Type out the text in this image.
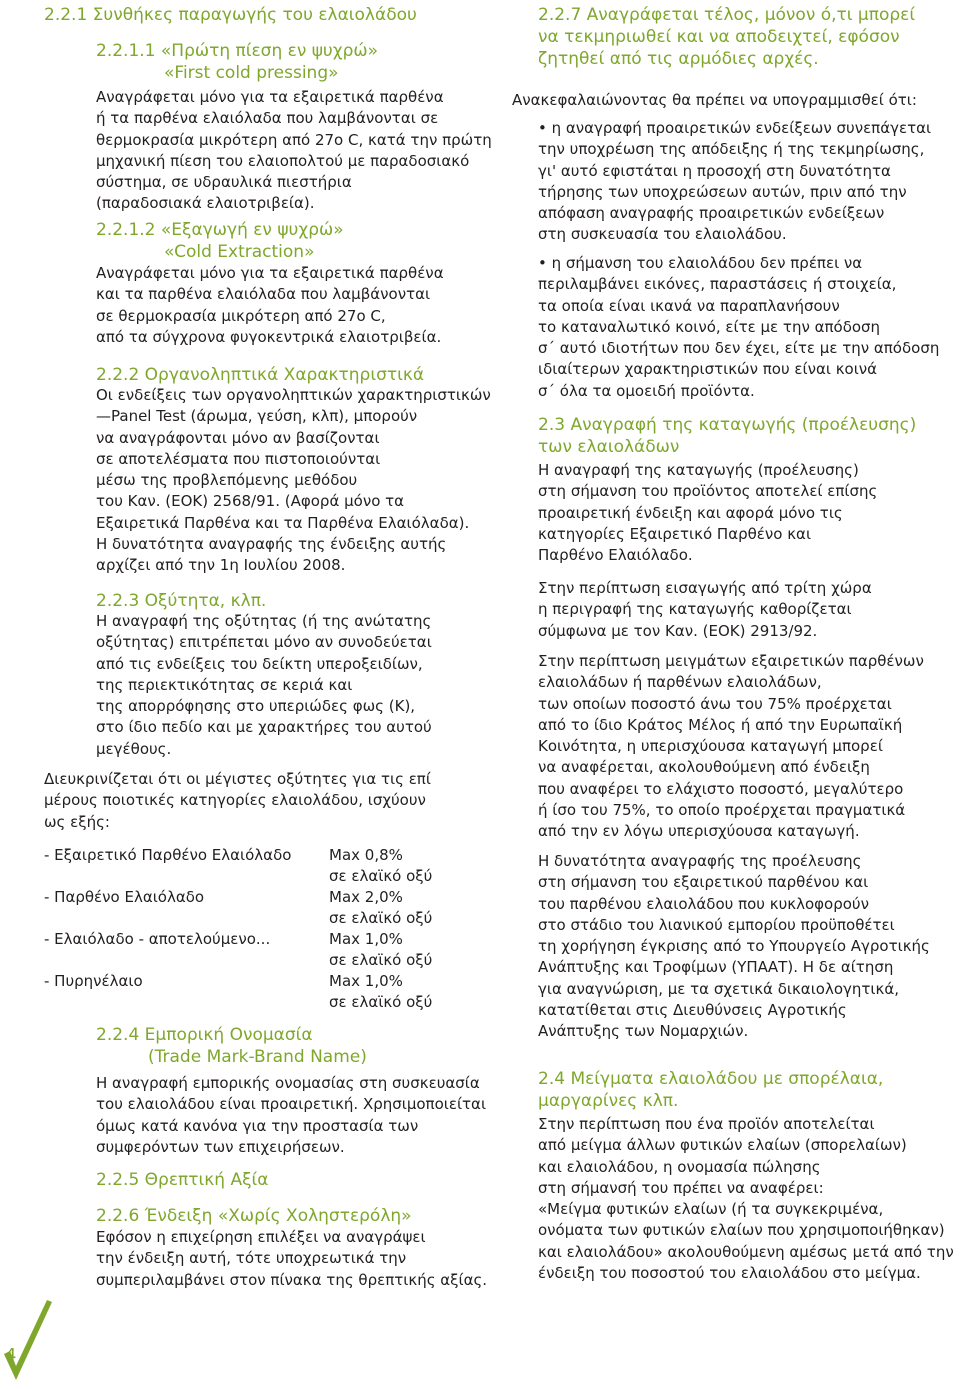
2.2.1 Συνθήκες παραγωγής του ελαιολάδου
2.2.1.1 «Πρώτη πίεση εν ψυχρώ»
«First cold pressing»
Αναγράφεται μόνο για τα εξαιρετικά παρθένα
ή τα παρθένα ελαιόλαδα που λαμβάνονται σε
θερμοκρασία μικρότερη από 27ο C, κατά την πρώτη
μηχανική πίεση του ελαιοπολτού με παραδοσιακό
σύστημα, σε υδραυλικά πιεστήρια
(παραδοσιακά ελαιοτριβεία).
2.2.1.2 «Εξαγωγή εν ψυχρώ»
«Cold Extraction»
Αναγράφεται μόνο για τα εξαιρετικά παρθένα
και τα παρθένα ελαιόλαδα που λαμβάνονται
σε θερμοκρασία μικρότερη από 27ο C,
από τα σύγχρονα φυγοκεντρικά ελαιοτριβεία.
2.2.2 Οργανοληπτικά Χαρακτηριστικά
Οι ενδείξεις των οργανοληπτικών χαρακτηριστικών
—Panel Test (άρωμα, γεύση, κλπ), μπορούν
να αναγράφονται μόνο αν βασίζονται
σε αποτελέσματα που πιστοποιούνται
μέσω της προβλεπόμενης μεθόδου
του Καν. (ΕΟΚ) 2568/91. (Αφορά μόνο τα
Εξαιρετικά Παρθένα και τα Παρθένα Ελαιόλαδα).
Η δυνατότητα αναγραφής της ένδειξης αυτής
αρχίζει από την 1η Ιουλίου 2008.
2.2.3 Οξύτητα, κλπ.
Η αναγραφή της οξύτητας (ή της ανώτατης
οξύτητας) επιτρέπεται μόνο αν συνοδεύεται
από τις ενδείξεις του δείκτη υπεροξειδίων,
της περιεκτικότητας σε κεριά και
της απορρόφησης στο υπεριώδες φως (Κ),
στο ίδιο πεδίο και με χαρακτήρες του αυτού
μεγέθους.
Διευκρινίζεται ότι οι μέγιστες οξύτητες για τις επί
μέρους ποιοτικές κατηγορίες ελαιολάδου, ισχύουν
ως εξής:
- Εξαιρετικό Παρθένο Ελαιόλαδο	Max 0,8%
σε ελαϊκό οξύ
- Παρθένο Ελαιόλαδο	Max 2,0%
σε ελαϊκό οξύ
- Ελαιόλαδο - αποτελούμενο...	Max 1,0%
σε ελαϊκό οξύ
- Πυρηνέλαιο	Max 1,0%
σε ελαϊκό οξύ
2.2.4 Εμπορική Ονομασία
(Trade Mark-Brand Name)
Η αναγραφή εμπορικής ονομασίας στη συσκευασία
του ελαιολάδου είναι προαιρετική. Χρησιμοποιείται
όμως κατά κανόνα για την προστασία των
συμφερόντων των επιχειρήσεων.
2.2.5 Θρεπτική Αξία
2.2.6 Ένδειξη «Χωρίς Χοληστερόλη»
Εφόσον η επιχείρηση επιλέξει να αναγράψει
την ένδειξη αυτή, τότε υποχρεωτικά την
συμπεριλαμβάνει στον πίνακα της θρεπτικής αξίας.
2.2.7 Αναγράφεται τέλος, μόνον ό,τι μπορεί
να τεκμηριωθεί και να αποδειχτεί, εφόσον
ζητηθεί από τις αρμόδιες αρχές.
Ανακεφαλαιώνοντας θα πρέπει να υπογραμμισθεί ότι:
• η αναγραφή προαιρετικών ενδείξεων συνεπάγεται
την υποχρέωση της απόδειξης ή της τεκμηρίωσης,
γι' αυτό εφιστάται η προσοχή στη δυνατότητα
τήρησης των υποχρεώσεων αυτών, πριν από την
απόφαση αναγραφής προαιρετικών ενδείξεων
στη συσκευασία του ελαιολάδου.
• η σήμανση του ελαιολάδου δεν πρέπει να
περιλαμβάνει εικόνες, παραστάσεις ή στοιχεία,
τα οποία είναι ικανά να παραπλανήσουν
το καταναλωτικό κοινό, είτε με την απόδοση
σ΄ αυτό ιδιοτήτων που δεν έχει, είτε με την απόδοση
ιδιαίτερων χαρακτηριστικών που είναι κοινά
σ΄ όλα τα ομοειδή προϊόντα.
2.3 Αναγραφή της καταγωγής (προέλευσης)
των ελαιολάδων
Η αναγραφή της καταγωγής (προέλευσης)
στη σήμανση του προϊόντος αποτελεί επίσης
προαιρετική ένδειξη και αφορά μόνο τις
κατηγορίες Εξαιρετικό Παρθένο και
Παρθένο Ελαιόλαδο.
Στην περίπτωση εισαγωγής από τρίτη χώρα
η περιγραφή της καταγωγής καθορίζεται
σύμφωνα με τον Καν. (ΕΟΚ) 2913/92.
Στην περίπτωση μειγμάτων εξαιρετικών παρθένων
ελαιολάδων ή παρθένων ελαιολάδων,
των οποίων ποσοστό άνω του 75% προέρχεται
από το ίδιο Κράτος Μέλος ή από την Ευρωπαϊκή
Κοινότητα, η υπερισχύουσα καταγωγή μπορεί
να αναφέρεται, ακολουθούμενη από ένδειξη
που αναφέρει το ελάχιστο ποσοστό, μεγαλύτερο
ή ίσο του 75%, το οποίο προέρχεται πραγματικά
από την εν λόγω υπερισχύουσα καταγωγή.
Η δυνατότητα αναγραφής της προέλευσης
στη σήμανση του εξαιρετικού παρθένου και
του παρθένου ελαιολάδου που κυκλοφορούν
στο στάδιο του λιανικού εμπορίου προϋποθέτει
τη χορήγηση έγκρισης από το Υπουργείο Αγροτικής
Ανάπτυξης και Τροφίμων (ΥΠΑΑΤ). Η δε αίτηση
για αναγνώριση, με τα σχετικά δικαιολογητικά,
κατατίθεται στις Διευθύνσεις Αγροτικής
Ανάπτυξης των Νομαρχιών.
2.4 Μείγματα ελαιολάδου με σπορέλαια,
μαργαρίνες κλπ.
Στην περίπτωση που ένα προϊόν αποτελείται
από μείγμα άλλων φυτικών ελαίων (σπορελαίων)
και ελαιολάδου, η ονομασία πώλησης
στη σήμανσή του πρέπει να αναφέρει:
«Μείγμα φυτικών ελαίων (ή τα συγκεκριμένα,
ονόματα των φυτικών ελαίων που χρησιμοποιήθηκαν)
και ελαιολάδου» ακολουθούμενη αμέσως μετά από την
ένδειξη του ποσοστού του ελαιολάδου στο μείγμα.
4
